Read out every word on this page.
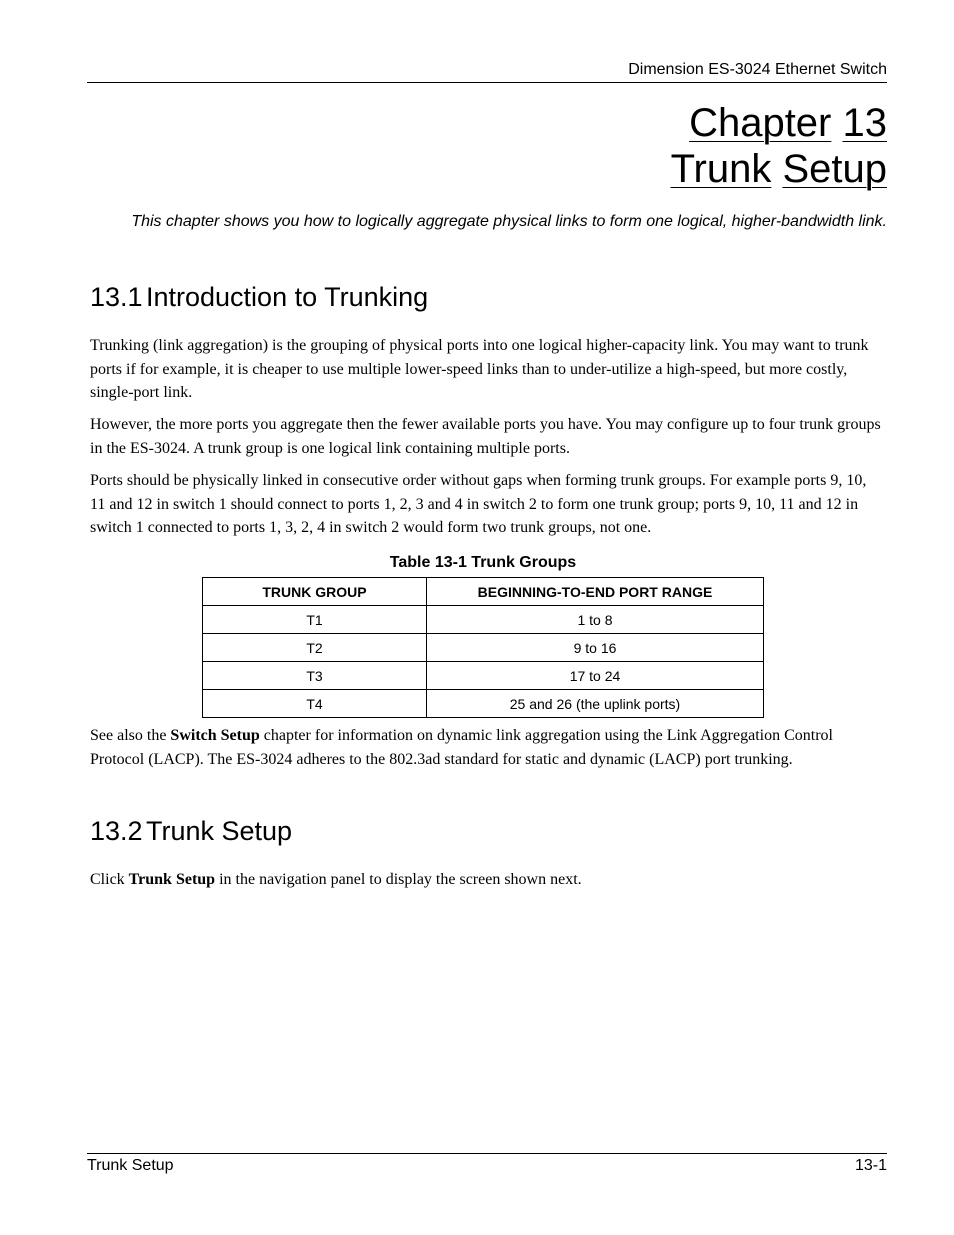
Dimension ES-3024 Ethernet Switch
Chapter 13
Trunk Setup
This chapter shows you how to logically aggregate physical links to form one logical, higher-bandwidth link.
13.1 Introduction to Trunking

Trunking (link aggregation) is the grouping of physical ports into one logical higher-capacity link. You may want to trunk ports if for example, it is cheaper to use multiple lower-speed links than to under-utilize a high-speed, but more costly, single-port link.

However, the more ports you aggregate then the fewer available ports you have. You may configure up to four trunk groups in the ES-3024. A trunk group is one logical link containing multiple ports.

Ports should be physically linked in consecutive order without gaps when forming trunk groups. For example ports 9, 10, 11 and 12 in switch 1 should connect to ports 1, 2, 3 and 4 in switch 2 to form one trunk group; ports 9, 10, 11 and 12 in switch 1 connected to ports 1, 3, 2, 4 in switch 2 would form two trunk groups, not one.

Table 13-1 Trunk Groups
TRUNK GROUP	BEGINNING-TO-END PORT RANGE
T1	1 to 8
T2	9 to 16
T3	17 to 24
T4	25 and 26 (the uplink ports)

See also the Switch Setup chapter for information on dynamic link aggregation using the Link Aggregation Control Protocol (LACP). The ES-3024 adheres to the 802.3ad standard for static and dynamic (LACP) port trunking.

13.2 Trunk Setup

Click Trunk Setup in the navigation panel to display the screen shown next.

Trunk Setup	13-1
